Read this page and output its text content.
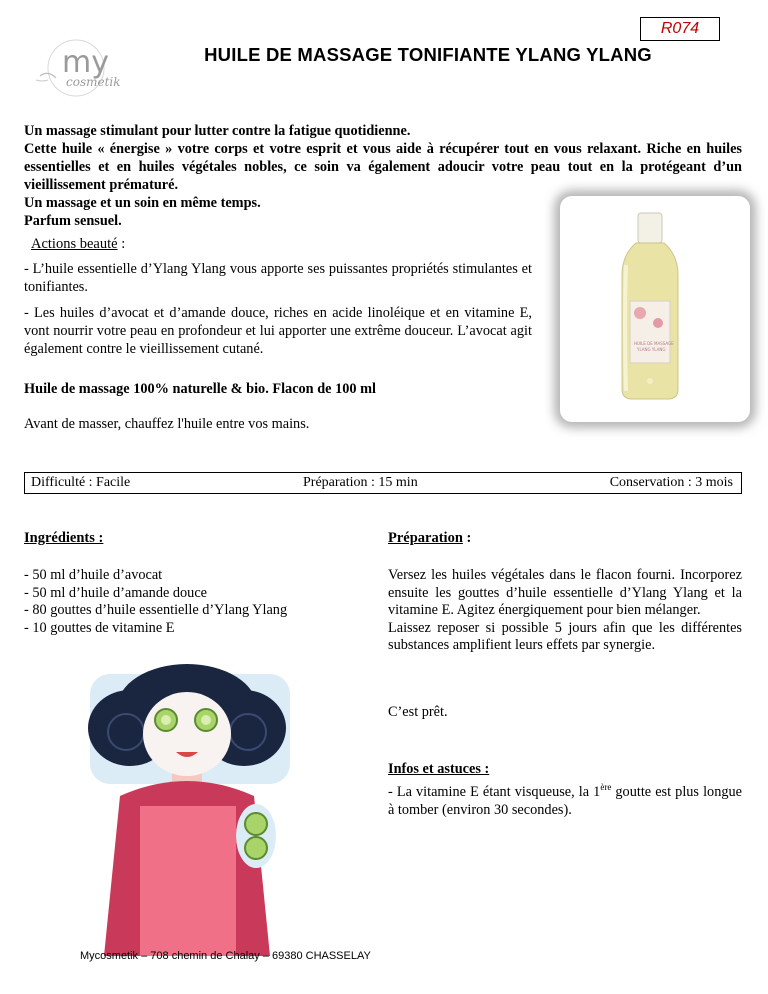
R074
my
cosmetik
HUILE DE MASSAGE TONIFIANTE YLANG YLANG

Un massage stimulant pour lutter contre la fatigue quotidienne.

Cette huile « énergise » votre corps et votre esprit et vous aide à récupérer tout en vous relaxant. Riche en huiles essentielles et en huiles végétales nobles, ce soin va également adoucir votre peau tout en la protégeant d’un vieillissement prématuré.

Un massage et un soin en même temps.

Parfum sensuel.

Actions beauté :

- L’huile essentielle d’Ylang Ylang vous apporte ses puissantes propriétés stimulantes et tonifiantes.

- Les huiles d’avocat et d’amande douce, riches en acide linoléique et en vitamine E, vont nourrir votre peau en profondeur et lui apporter une extrême douceur. L’avocat agit également contre le vieillissement cutané.	HUILE DE MASSAGE
YLANG YLANG
Huile de massage 100% naturelle & bio. Flacon de 100 ml
Avant de masser, chauffez l'huile entre vos mains.
Difficulté : Facile	Préparation : 15 min	Conservation : 3 mois
Ingrédients :
- 50 ml d’huile d’avocat
- 50 ml d’huile d’amande douce
- 80 gouttes d’huile essentielle d’Ylang Ylang
- 10 gouttes de vitamine E
Préparation :

Versez les huiles végétales dans le flacon fourni. Incorporez ensuite les gouttes d’huile essentielle d’Ylang Ylang et la vitamine E. Agitez énergiquement pour bien mélanger.

Laissez reposer si possible 5 jours afin que les différentes substances amplifient leurs effets par synergie.

C’est prêt.
Infos et astuces :
- La vitamine E étant visqueuse, la 1ère goutte est plus longue à tomber (environ 30 secondes).
Mycosmetik – 708 chemin de Chalay – 69380 CHASSELAY
